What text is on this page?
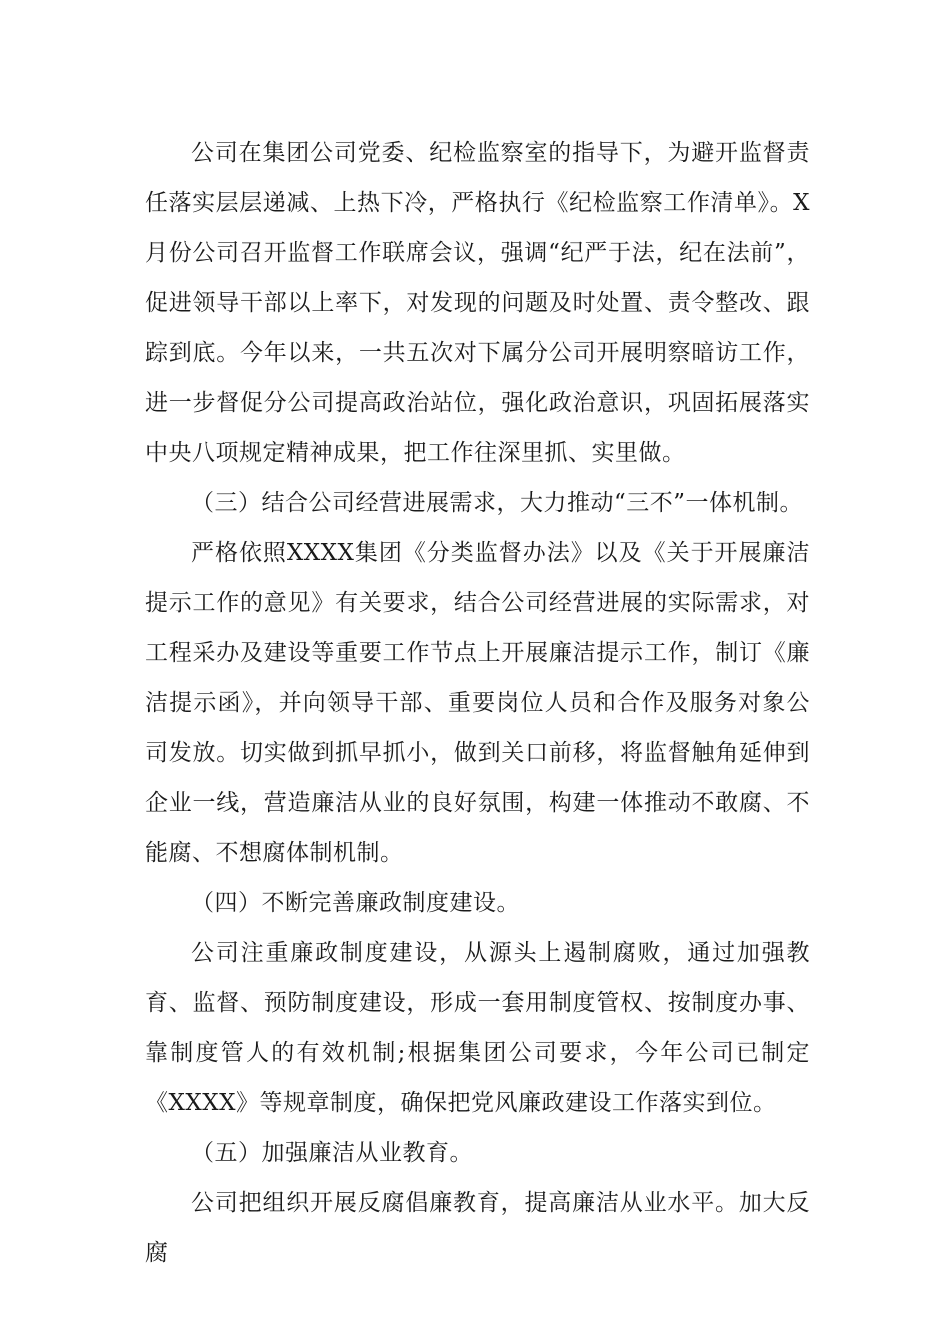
公司在集团公司党委、纪检监察室的指导下，为避开监督责任落实层层递减、上热下冷，严格执行《纪检监察工作清单》。X月份公司召开监督工作联席会议，强调“纪严于法，纪在法前”，促进领导干部以上率下，对发现的问题及时处置、责令整改、跟踪到底。今年以来，一共五次对下属分公司开展明察暗访工作，进一步督促分公司提高政治站位，强化政治意识，巩固拓展落实中央八项规定精神成果，把工作往深里抓、实里做。

（三）结合公司经营进展需求，大力推动“三不”一体机制。

严格依照XXXX集团《分类监督办法》以及《关于开展廉洁提示工作的意见》有关要求，结合公司经营进展的实际需求，对工程采办及建设等重要工作节点上开展廉洁提示工作，制订《廉洁提示函》，并向领导干部、重要岗位人员和合作及服务对象公司发放。切实做到抓早抓小，做到关口前移，将监督触角延伸到企业一线，营造廉洁从业的良好氛围，构建一体推动不敢腐、不能腐、不想腐体制机制。

（四）不断完善廉政制度建设。

公司注重廉政制度建设，从源头上遏制腐败，通过加强教育、监督、预防制度建设，形成一套用制度管权、按制度办事、靠制度管人的有效机制;根据集团公司要求，今年公司已制定《XXXX》等规章制度，确保把党风廉政建设工作落实到位。

（五）加强廉洁从业教育。

公司把组织开展反腐倡廉教育，提高廉洁从业水平。加大反腐
